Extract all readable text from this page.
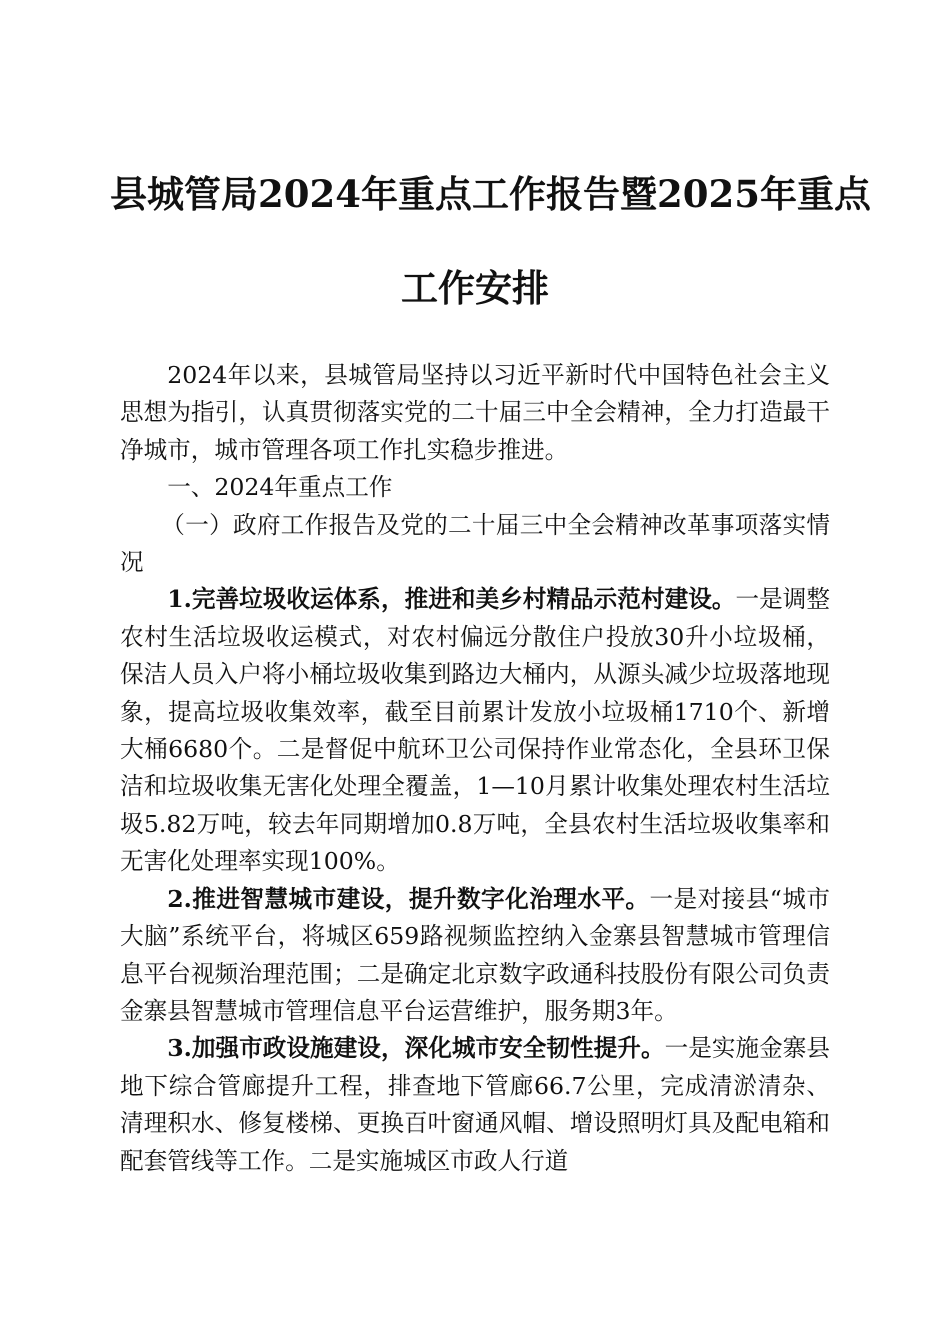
县城管局2024年重点工作报告暨2025年重点
工作安排

2024年以来，县城管局坚持以习近平新时代中国特色社会主义思想为指引，认真贯彻落实党的二十届三中全会精神，全力打造最干净城市，城市管理各项工作扎实稳步推进。

一、2024年重点工作

（一）政府工作报告及党的二十届三中全会精神改革事项落实情况

1.完善垃圾收运体系，推进和美乡村精品示范村建设。一是调整农村生活垃圾收运模式，对农村偏远分散住户投放30升小垃圾桶，保洁人员入户将小桶垃圾收集到路边大桶内，从源头减少垃圾落地现象，提高垃圾收集效率，截至目前累计发放小垃圾桶1710个、新增大桶6680个。二是督促中航环卫公司保持作业常态化，全县环卫保洁和垃圾收集无害化处理全覆盖，1—10月累计收集处理农村生活垃圾5.82万吨，较去年同期增加0.8万吨，全县农村生活垃圾收集率和无害化处理率实现100%。

2.推进智慧城市建设，提升数字化治理水平。一是对接县“城市大脑”系统平台，将城区659路视频监控纳入金寨县智慧城市管理信息平台视频治理范围；二是确定北京数字政通科技股份有限公司负责金寨县智慧城市管理信息平台运营维护，服务期3年。

3.加强市政设施建设，深化城市安全韧性提升。一是实施金寨县地下综合管廊提升工程，排查地下管廊66.7公里，完成清淤清杂、清理积水、修复楼梯、更换百叶窗通风帽、增设照明灯具及配电箱和配套管线等工作。二是实施城区市政人行道
